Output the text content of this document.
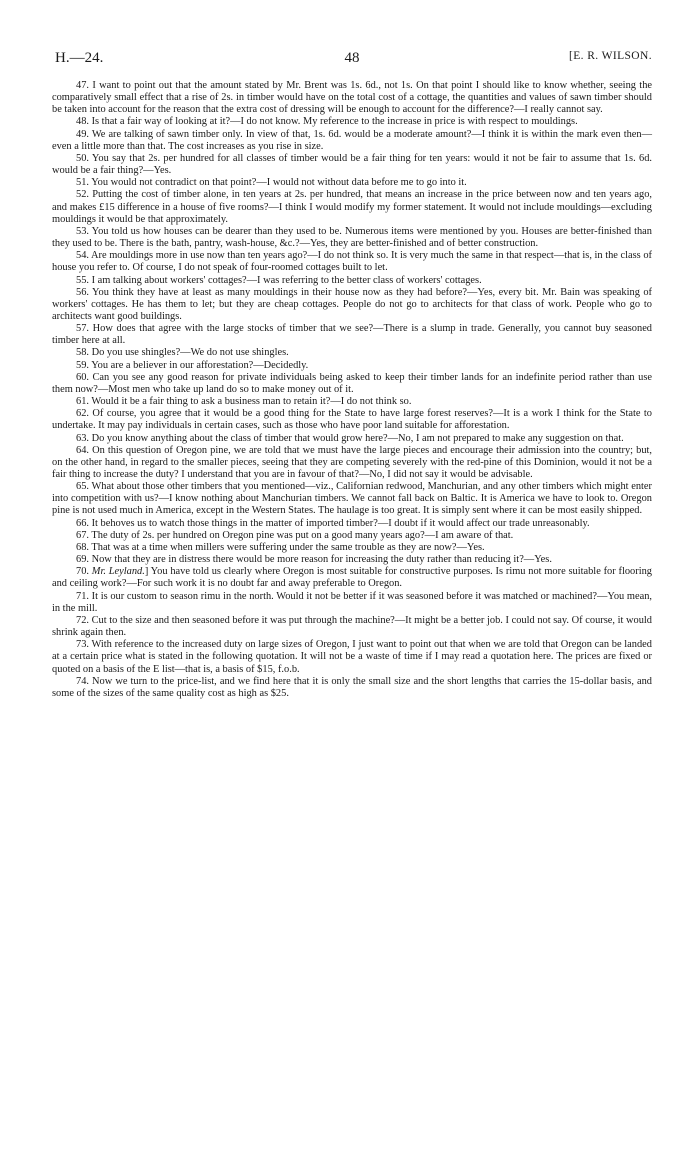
H.—24.	48	[E. R. WILSON.

47. I want to point out that the amount stated by Mr. Brent was 1s. 6d., not 1s. On that point I should like to know whether, seeing the comparatively small effect that a rise of 2s. in timber would have on the total cost of a cottage, the quantities and values of sawn timber should be taken into account for the reason that the extra cost of dressing will be enough to account for the difference?—I really cannot say.

48. Is that a fair way of looking at it?—I do not know. My reference to the increase in price is with respect to mouldings.

49. We are talking of sawn timber only. In view of that, 1s. 6d. would be a moderate amount?—I think it is within the mark even then—even a little more than that. The cost increases as you rise in size.

50. You say that 2s. per hundred for all classes of timber would be a fair thing for ten years: would it not be fair to assume that 1s. 6d. would be a fair thing?—Yes.

51. You would not contradict on that point?—I would not without data before me to go into it.

52. Putting the cost of timber alone, in ten years at 2s. per hundred, that means an increase in the price between now and ten years ago, and makes £15 difference in a house of five rooms?—I think I would modify my former statement. It would not include mouldings—excluding mouldings it would be that approximately.

53. You told us how houses can be dearer than they used to be. Numerous items were mentioned by you. Houses are better-finished than they used to be. There is the bath, pantry, wash-house, &c.?—Yes, they are better-finished and of better construction.

54. Are mouldings more in use now than ten years ago?—I do not think so. It is very much the same in that respect—that is, in the class of house you refer to. Of course, I do not speak of four-roomed cottages built to let.

55. I am talking about workers' cottages?—I was referring to the better class of workers' cottages.

56. You think they have at least as many mouldings in their house now as they had before?—Yes, every bit. Mr. Bain was speaking of workers' cottages. He has them to let; but they are cheap cottages. People do not go to architects for that class of work. People who go to architects want good buildings.

57. How does that agree with the large stocks of timber that we see?—There is a slump in trade. Generally, you cannot buy seasoned timber here at all.

58. Do you use shingles?—We do not use shingles.

59. You are a believer in our afforestation?—Decidedly.

60. Can you see any good reason for private individuals being asked to keep their timber lands for an indefinite period rather than use them now?—Most men who take up land do so to make money out of it.

61. Would it be a fair thing to ask a business man to retain it?—I do not think so.

62. Of course, you agree that it would be a good thing for the State to have large forest reserves?—It is a work I think for the State to undertake. It may pay individuals in certain cases, such as those who have poor land suitable for afforestation.

63. Do you know anything about the class of timber that would grow here?—No, I am not prepared to make any suggestion on that.

64. On this question of Oregon pine, we are told that we must have the large pieces and encourage their admission into the country; but, on the other hand, in regard to the smaller pieces, seeing that they are competing severely with the red-pine of this Dominion, would it not be a fair thing to increase the duty? I understand that you are in favour of that?—No, I did not say it would be advisable.

65. What about those other timbers that you mentioned—viz., Californian redwood, Manchurian, and any other timbers which might enter into competition with us?—I know nothing about Manchurian timbers. We cannot fall back on Baltic. It is America we have to look to. Oregon pine is not used much in America, except in the Western States. The haulage is too great. It is simply sent where it can be most easily shipped.

66. It behoves us to watch those things in the matter of imported timber?—I doubt if it would affect our trade unreasonably.

67. The duty of 2s. per hundred on Oregon pine was put on a good many years ago?—I am aware of that.

68. That was at a time when millers were suffering under the same trouble as they are now?—Yes.

69. Now that they are in distress there would be more reason for increasing the duty rather than reducing it?—Yes.

70. Mr. Leyland.] You have told us clearly where Oregon is most suitable for constructive purposes. Is rimu not more suitable for flooring and ceiling work?—For such work it is no doubt far and away preferable to Oregon.

71. It is our custom to season rimu in the north. Would it not be better if it was seasoned before it was matched or machined?—You mean, in the mill.

72. Cut to the size and then seasoned before it was put through the machine?—It might be a better job. I could not say. Of course, it would shrink again then.

73. With reference to the increased duty on large sizes of Oregon, I just want to point out that when we are told that Oregon can be landed at a certain price what is stated in the following quotation. It will not be a waste of time if I may read a quotation here. The prices are fixed or quoted on a basis of the E list—that is, a basis of $15, f.o.b.

74. Now we turn to the price-list, and we find here that it is only the small size and the short lengths that carries the 15-dollar basis, and some of the sizes of the same quality cost as high as $25.
